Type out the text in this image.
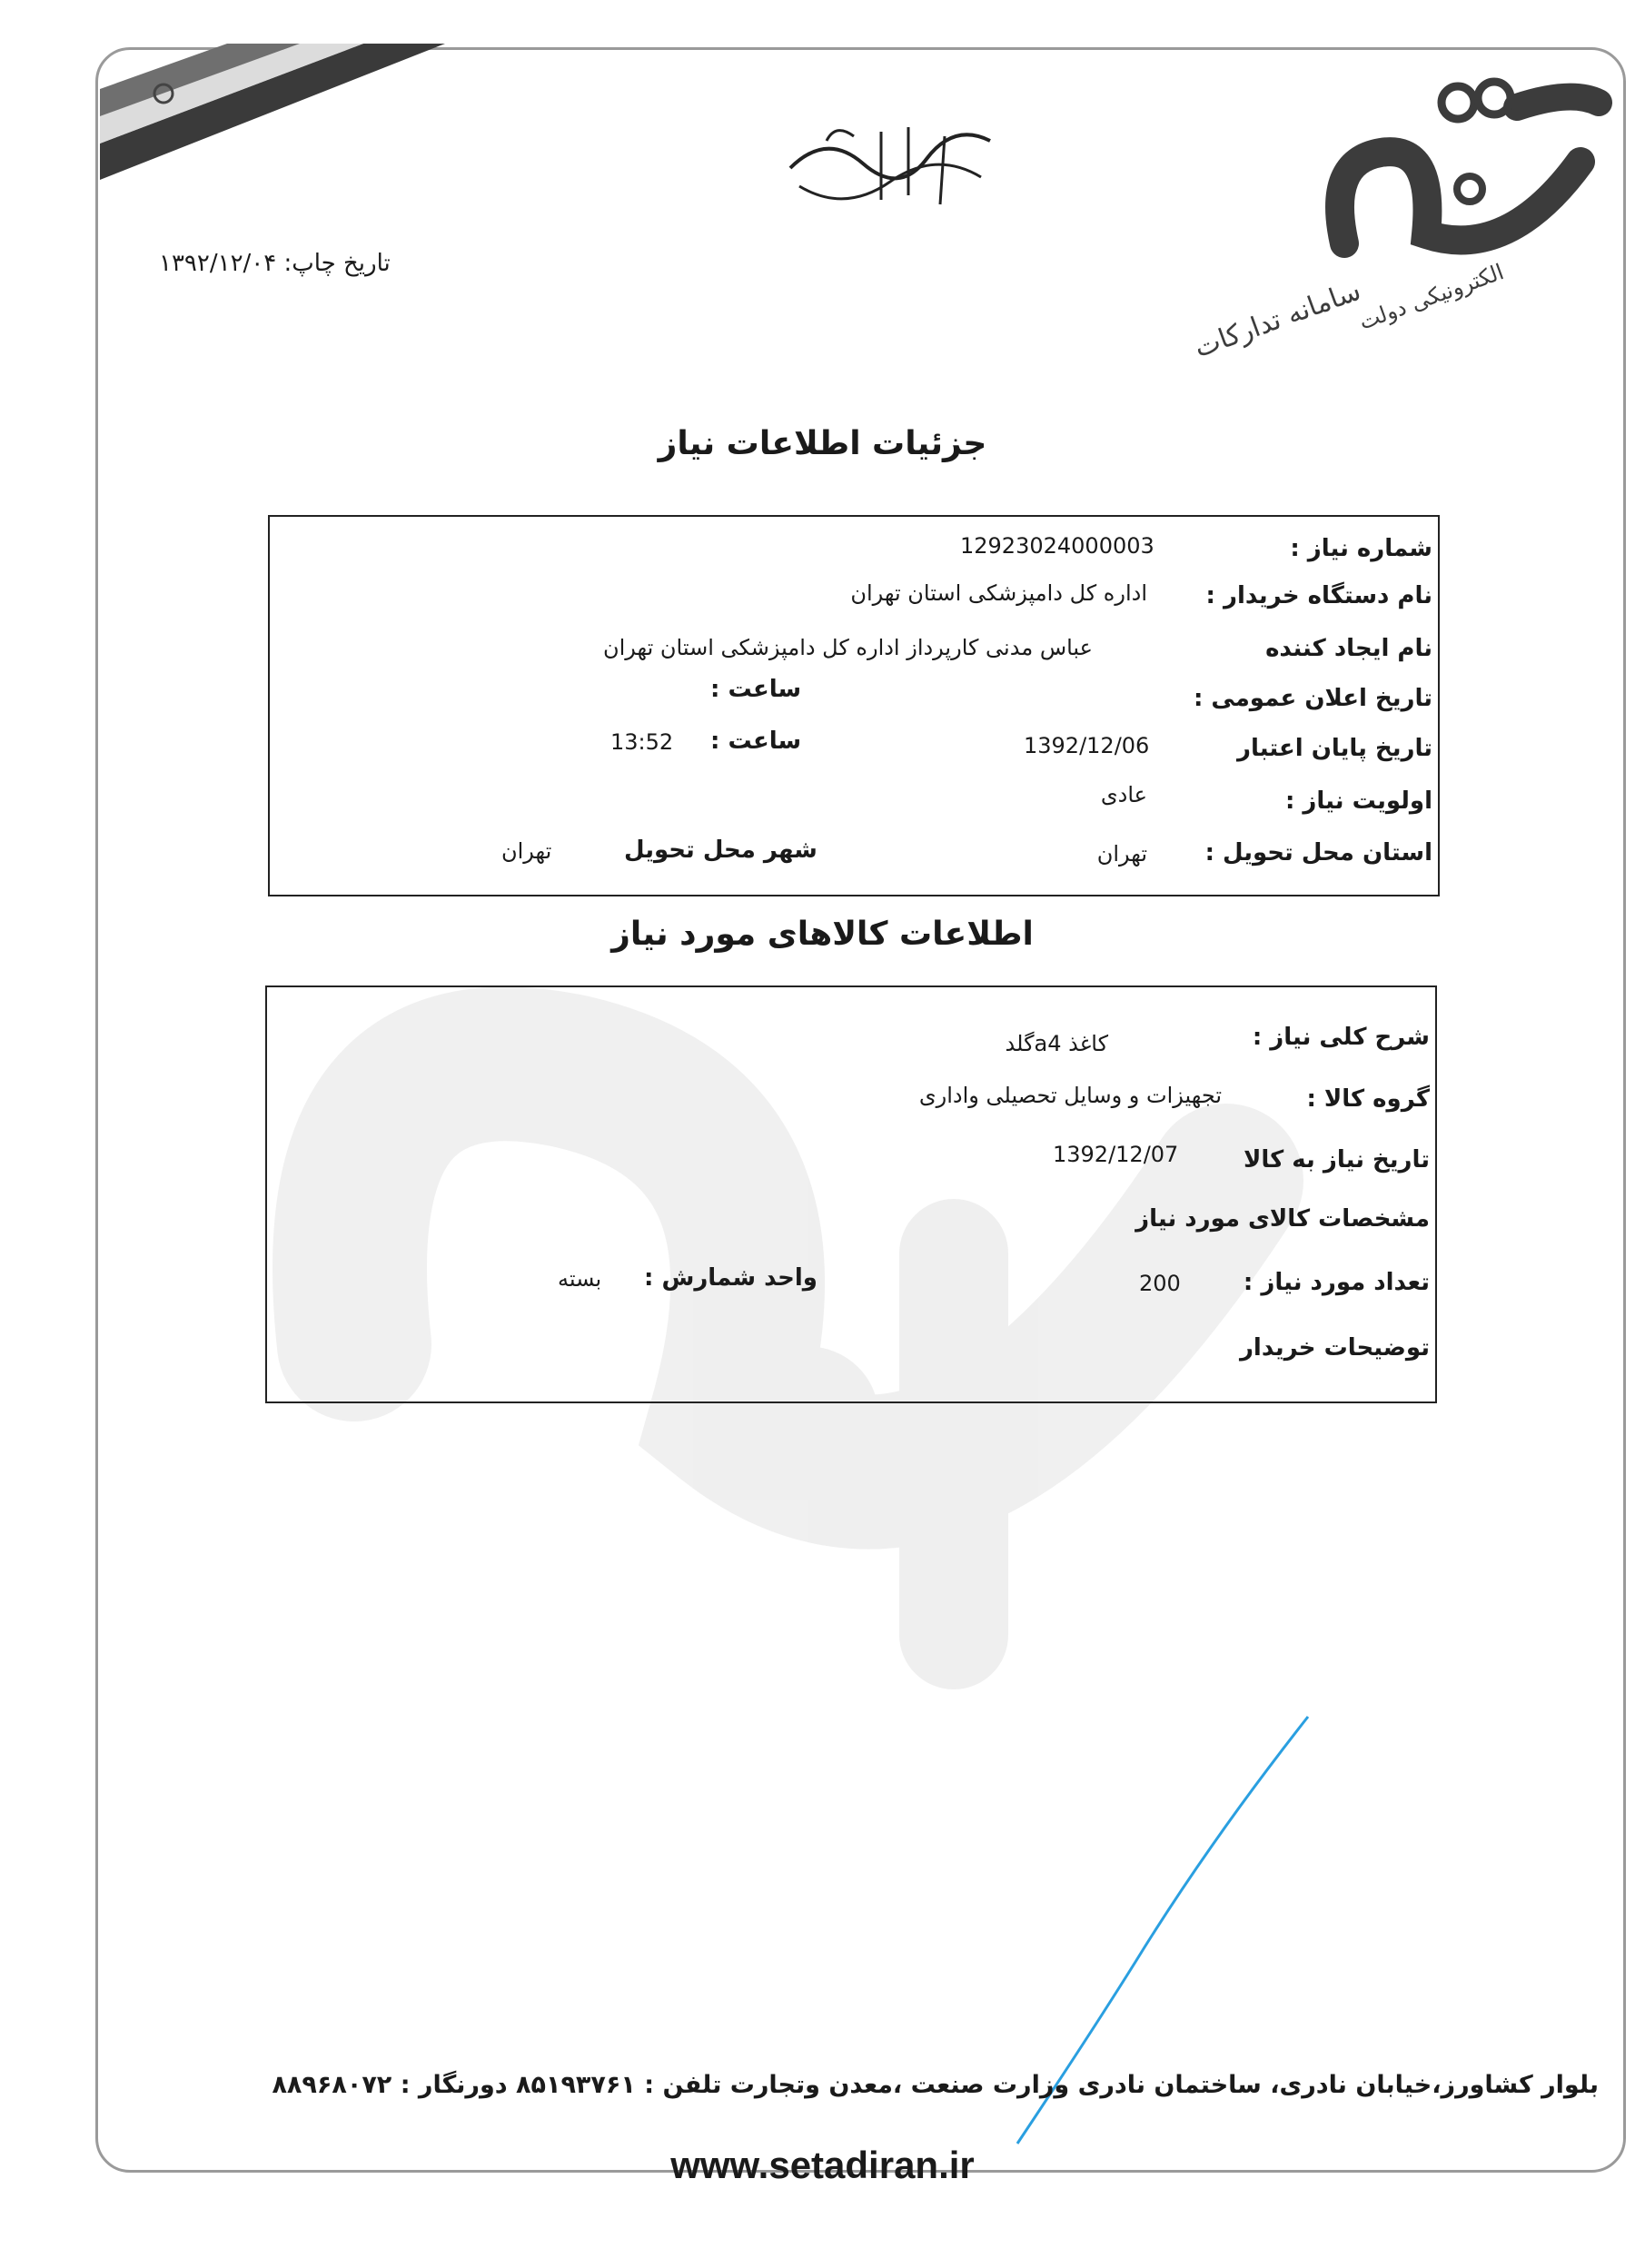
تاریخ چاپ: ۱۳۹۲/۱۲/۰۴
سامانه تدارکات
الکترونیکی دولت
جزئیات اطلاعات نیاز
شماره نیاز :
12923024000003
نام دستگاه خریدار :
اداره کل دامپزشکی استان تهران
نام ایجاد کننده
عباس مدنی کارپرداز اداره کل دامپزشکی استان تهران
تاریخ اعلان عمومی :
ساعت :
تاریخ پایان اعتبار
1392/12/06
ساعت :
13:52
اولویت نیاز :
عادی
استان محل تحویل :
تهران
شهر محل تحویل
تهران
اطلاعات کالاهای مورد نیاز
شرح کلی نیاز :
کاغذ a4گلد
گروه کالا :
تجهیزات و وسایل تحصیلی واداری
تاریخ نیاز به کالا
1392/12/07
مشخصات کالای مورد نیاز
تعداد مورد نیاز :
200
واحد شمارش :
بسته
توضیحات خریدار
بلوار کشاورز،خیابان نادری، ساختمان نادری وزارت صنعت ،معدن وتجارت تلفن : ۸۵۱۹۳۷۶۱ دورنگار : ۸۸۹۶۸۰۷۲
www.setadiran.ir
